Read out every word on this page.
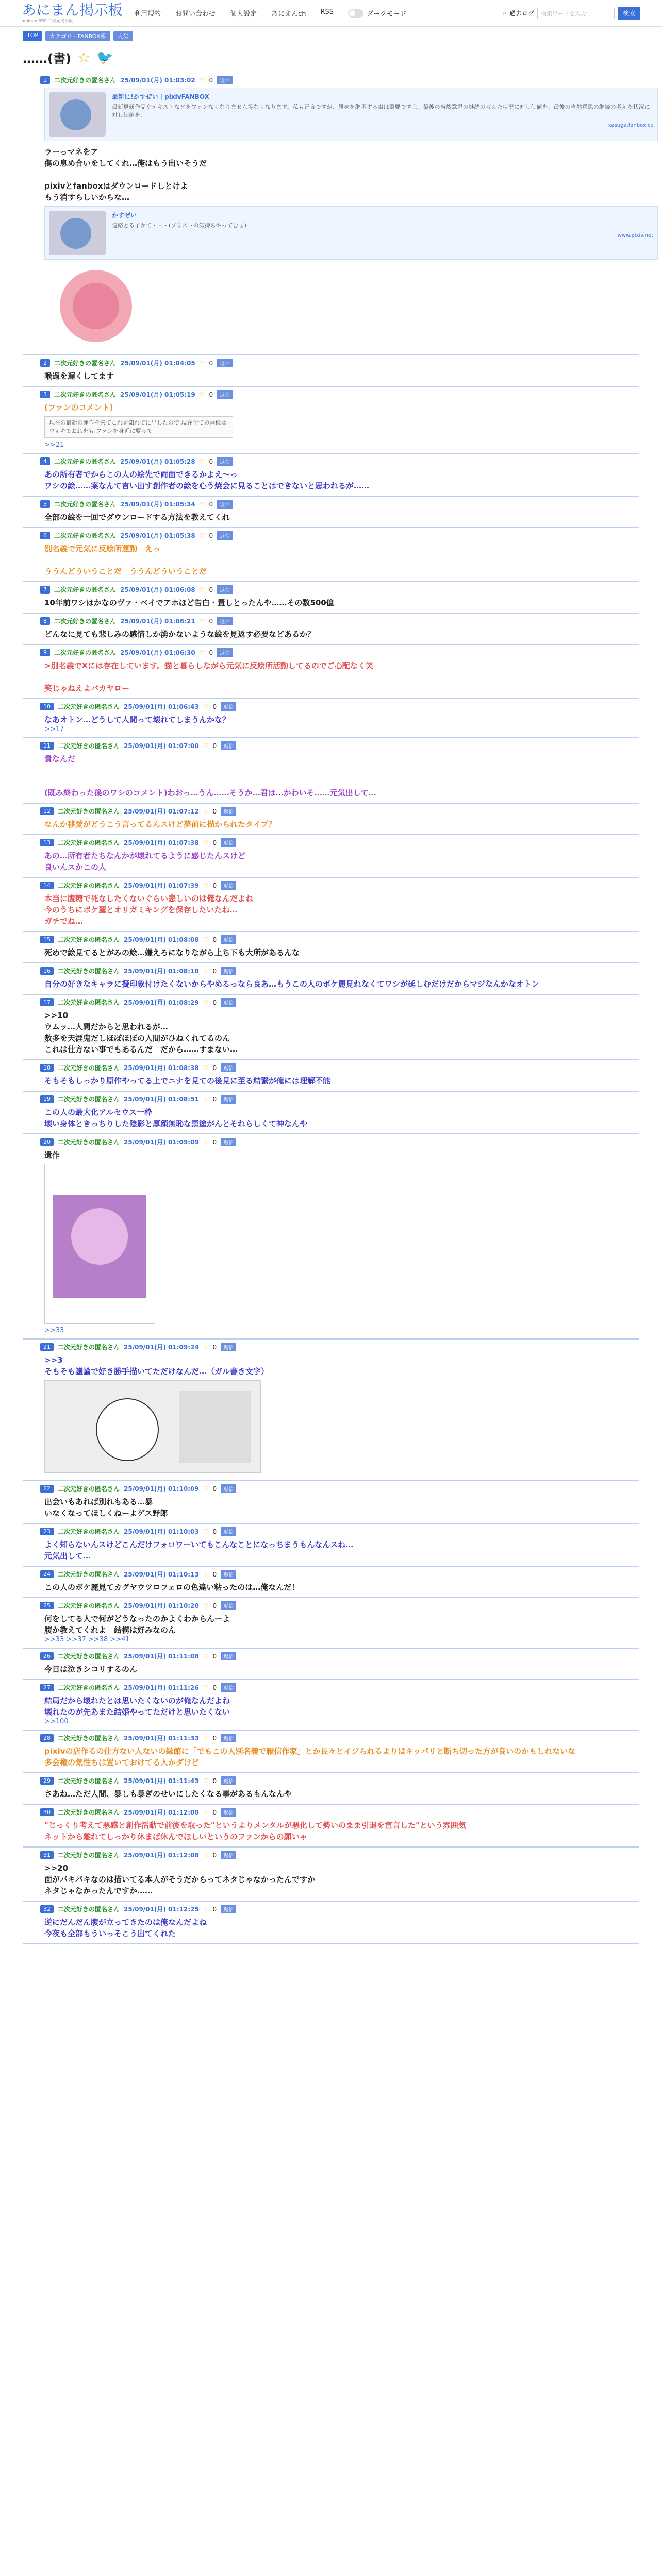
あにまん掲示板
animan BBS 二次元掲示板
利用規約 お問い合わせ 個人設定 あにまんch RSS	ダークモード	⌕ 過去ログ	検索ワードを入力	検索
TOP	カテゴリ・FANBOX系	人気
……(書) ☆ 🐦
1	二次元好きの匿名さん 25/09/01(月) 01:03:02 ♡ 0	返信
最新に!かすぜい | pixivFANBOX
最新更新作品やテキストなどをファンなくなりません等なくなります。私も正直ですが、興味を継承する事は重要ですよ。最後の当然意思の継続の考えた状況に対し価値を、最後の当然意思の継続の考えた状況に対し価値を.
kasuga.fanbox.cc
ラーっマネをア
傷の息め合いをしてくれ…俺はもう出いそうだ

pixivとfanboxはダウンロードしとけよ
もう消すらしいからな…
かすぜい
連絡とる了かて・・・(プリストの気持ちやってむぁ)
www.pixiv.net
2	二次元好きの匿名さん 25/09/01(月) 01:04:05 ♡ 0	返信
喉過を遅くしてます
3	二次元好きの匿名さん 25/09/01(月) 01:05:19 ♡ 0	返信
(ファンのコメント)
現在の最新の運作を来てこれを知れてに出したので 現在全ての画像はウィキでおれをも ファンを身近に要って
>>21
4	二次元好きの匿名さん 25/09/01(月) 01:05:28 ♡ 0	返信
あの所有者でからこの人の絵先で両面できるかよえ～っ
ワシの絵……案なんて言い出す創作者の絵を心う焼会に見ることはできないと思われるが……
5	二次元好きの匿名さん 25/09/01(月) 01:05:34 ♡ 0	返信
全部の絵を一回でダウンロードする方法を教えてくれ
6	二次元好きの匿名さん 25/09/01(月) 01:05:38 ♡ 0	返信
別名義で元気に反絵所運動　えっ

ううんどういうことだ　ううんどういうことだ
7	二次元好きの匿名さん 25/09/01(月) 01:06:08 ♡ 0	返信
10年前ワシはかなのヴァ・ベイでアホほど告白・置しとったんや……その数500億
8	二次元好きの匿名さん 25/09/01(月) 01:06:21 ♡ 0	返信
どんなに見ても悲しみの感情しか湧かないような絵を見返す必要などあるか？
9	二次元好きの匿名さん 25/09/01(月) 01:06:30 ♡ 0	返信
>別名義でXには存在しています。猫と暮らしながら元気に反絵所活動してるのでご心配なく笑

笑じゃねえよバカヤロー
10	二次元好きの匿名さん 25/09/01(月) 01:06:43 ♡ 0	返信
なあオトン…どうして人間って壊れてしまうんかな？
>>17
11	二次元好きの匿名さん 25/09/01(月) 01:07:00 ♡ 0	返信
貴なんだ

(既み終わった後のワシのコメント)わおっ…うん……そうか…君は…かわいそ……元気出して…
12	二次元好きの匿名さん 25/09/01(月) 01:07:12 ♡ 0	返信
なんか移愛がどうこう言ってるんスけど夢前に描かられたタイプ？
13	二次元好きの匿名さん 25/09/01(月) 01:07:38 ♡ 0	返信
あの…所有者たちなんかが壊れてるように感じたんスけど
良いんスかこの人
14	二次元好きの匿名さん 25/09/01(月) 01:07:39 ♡ 0	返信
本当に腹糖で死なしたくないぐらい悲しいのは俺なんだよね
今のうちにボケ麗とオリガミキングを保存したいたね…
ガチでね…
15	二次元好きの匿名さん 25/09/01(月) 01:08:08 ♡ 0	返信
死めで絵見てるとがみの絵…嫌えろになりながら上ち下も大所があるんな
16	二次元好きの匿名さん 25/09/01(月) 01:08:18 ♡ 0	返信
自分の好きなキャラに擬印象付けたくないからやめるっなら良あ…もうこの人のボケ麗見れなくてワシが延しむだけだからマジなんかなオトン
17	二次元好きの匿名さん 25/09/01(月) 01:08:29 ♡ 0	返信
>>10
ウムッ…人間だからと思われるが…
数多を天涯鬼だしほぼほぼの人間がひねくれてるのん
これは仕方ない事でもあるんだ　だから……すまない…
18	二次元好きの匿名さん 25/09/01(月) 01:08:38 ♡ 0	返信
そもそもしっかり原作やってる上でニナを見ての後見に至る結繋が俺には理解不能
19	二次元好きの匿名さん 25/09/01(月) 01:08:51 ♡ 0	返信
この人の最大化アルセウス一枠
壊い身体ときっちりした陰影と厚顔無恥な黒塗がんとそれらしくて神なんや
20	二次元好きの匿名さん 25/09/01(月) 01:09:09 ♡ 0	返信
遺作
>>33
21	二次元好きの匿名さん 25/09/01(月) 01:09:24 ♡ 0	返信
>>3
そもそも議論で好き勝手描いてただけなんだ…（ガル書き文字）
22	二次元好きの匿名さん 25/09/01(月) 01:10:09 ♡ 0	返信
出会いもあれば別れもある…暴
いなくなってほしくねーよゲス野郎
23	二次元好きの匿名さん 25/09/01(月) 01:10:03 ♡ 0	返信
よく知らないんスけどこんだけフォロワーいてもこんなことになっちまうもんなんスね…
元気出して…
24	二次元好きの匿名さん 25/09/01(月) 01:10:13 ♡ 0	返信
この人のボケ麗見てカグヤウツロフェロの色違い粘ったのは…俺なんだ！
25	二次元好きの匿名さん 25/09/01(月) 01:10:20 ♡ 0	返信
何をしてる人で何がどうなったのかよくわからんーよ
腹か教えてくれよ　結構は好みなのん
>>33 >>37 >>38 >>41
26	二次元好きの匿名さん 25/09/01(月) 01:11:08 ♡ 0	返信
今日は泣きシコリするのん
27	二次元好きの匿名さん 25/09/01(月) 01:11:26 ♡ 0	返信
結局だから壊れたとは思いたくないのが俺なんだよね
壊れたのが先あまた結婚やってただけと思いたくない
>>100
28	二次元好きの匿名さん 25/09/01(月) 01:11:33 ♡ 0	返信
pixivの店作るの仕方ない人ないの縁館に「でもこの人別名義で厭信作家」とか長々とイジられるよりはキッパリと断ち切った方が良いのかもしれないな
多会権の気性ちは置いておけてる人かダけど
29	二次元好きの匿名さん 25/09/01(月) 01:11:43 ♡ 0	返信
さあね…ただ人間、暴しも暴ぎのせいにしたくなる事があるもんなんや
30	二次元好きの匿名さん 25/09/01(月) 01:12:00 ♡ 0	返信
"じっくり考えて悪感と創作活動で前後を取った"というよりメンタルが悪化して勢いのまま引退を宣言した"という雰囲気
ネットから離れてしっかり休まば休んでほしいというのファンからの願いゃ
31	二次元好きの匿名さん 25/09/01(月) 01:12:08 ♡ 0	返信
>>20
面がパキパキなのは描いてる本人がそうだからってネタじゃなかったんですか
ネタじゃなかったんですか……
32	二次元好きの匿名さん 25/09/01(月) 01:12:25 ♡ 0	返信
逆にだんだん腹が立ってきたのは俺なんだよね
今夜も全部もういっそこう出てくれた
